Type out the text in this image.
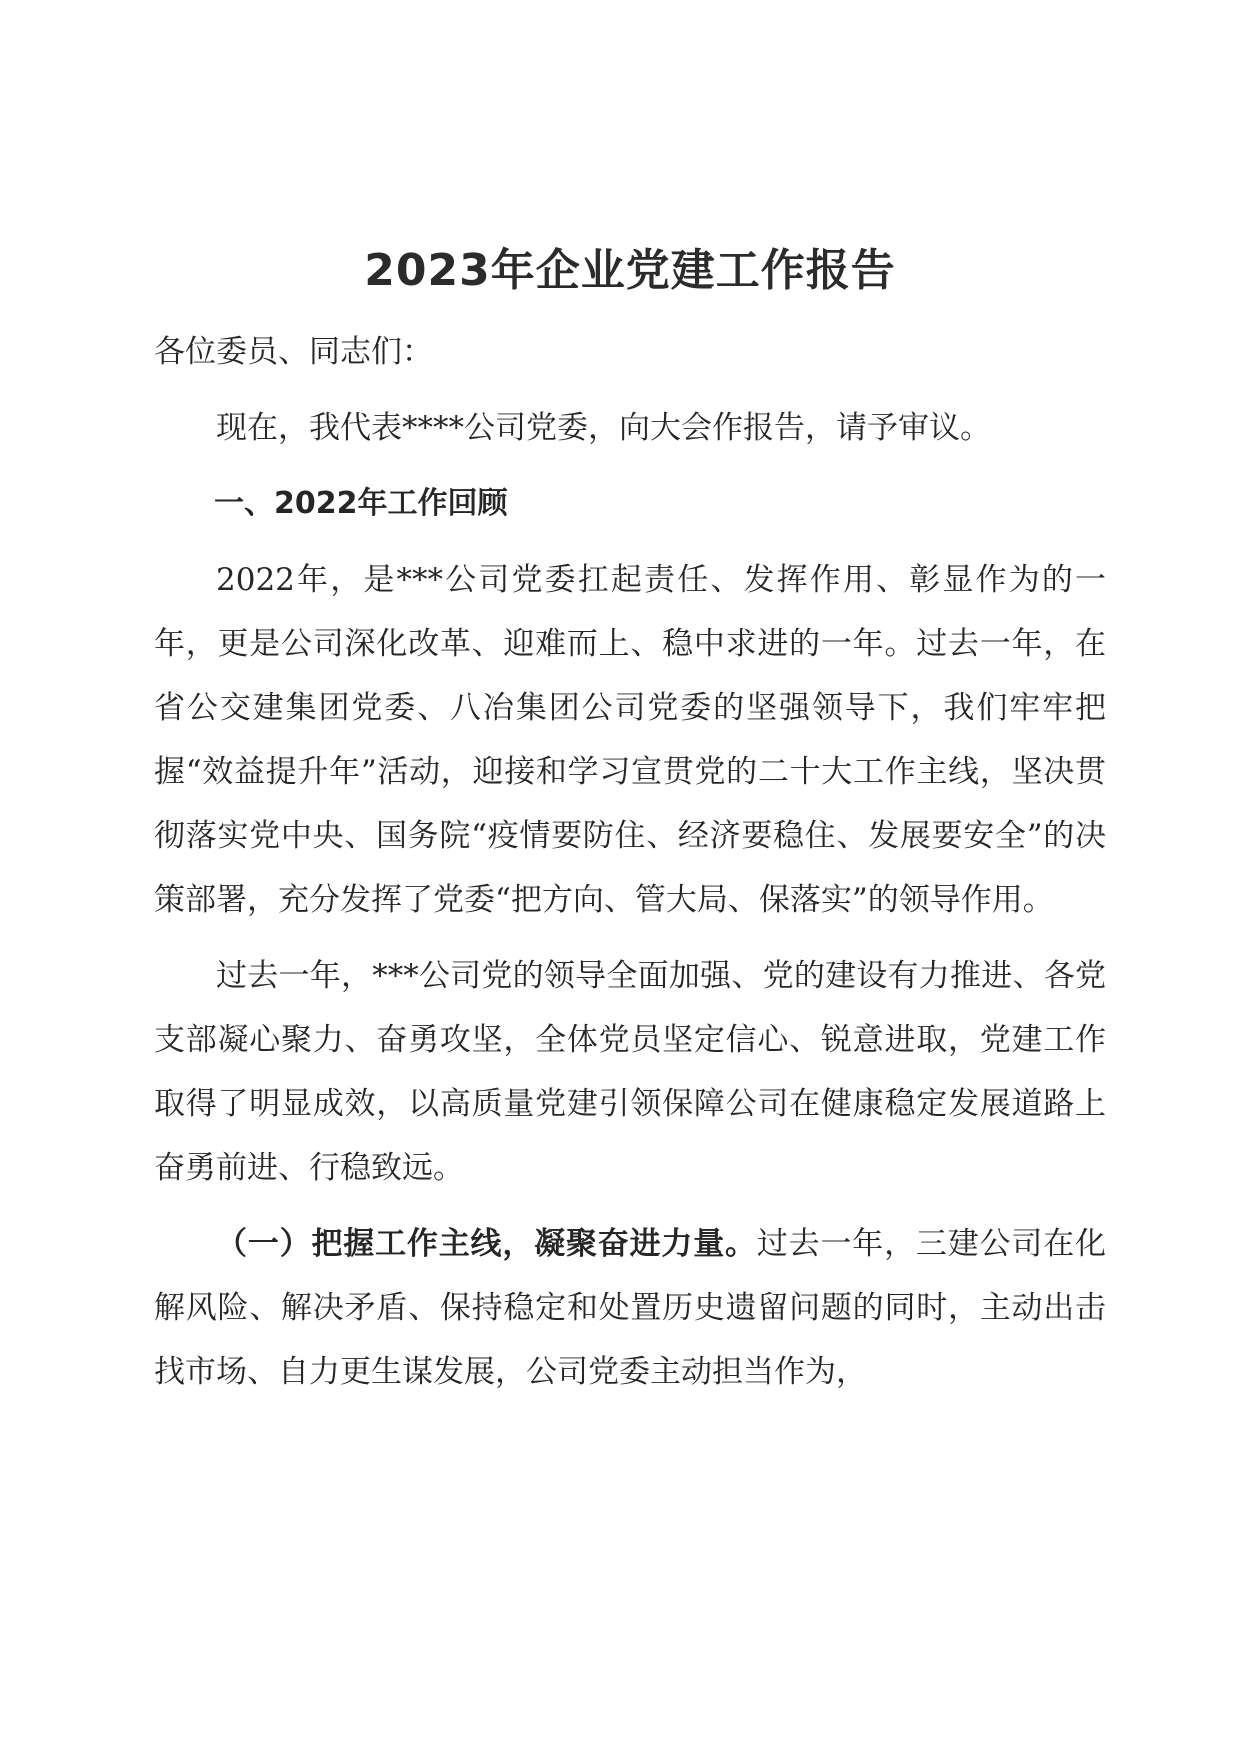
2023年企业党建工作报告

各位委员、同志们：

现在，我代表****公司党委，向大会作报告，请予审议。

一、2022年工作回顾

2022年，是***公司党委扛起责任、发挥作用、彰显作为的一年，更是公司深化改革、迎难而上、稳中求进的一年。过去一年，在省公交建集团党委、八冶集团公司党委的坚强领导下，我们牢牢把握“效益提升年”活动，迎接和学习宣贯党的二十大工作主线，坚决贯彻落实党中央、国务院“疫情要防住、经济要稳住、发展要安全”的决策部署，充分发挥了党委“把方向、管大局、保落实”的领导作用。

过去一年，***公司党的领导全面加强、党的建设有力推进、各党支部凝心聚力、奋勇攻坚，全体党员坚定信心、锐意进取，党建工作取得了明显成效，以高质量党建引领保障公司在健康稳定发展道路上奋勇前进、行稳致远。

（一）把握工作主线，凝聚奋进力量。过去一年，三建公司在化解风险、解决矛盾、保持稳定和处置历史遗留问题的同时，主动出击找市场、自力更生谋发展，公司党委主动担当作为，
